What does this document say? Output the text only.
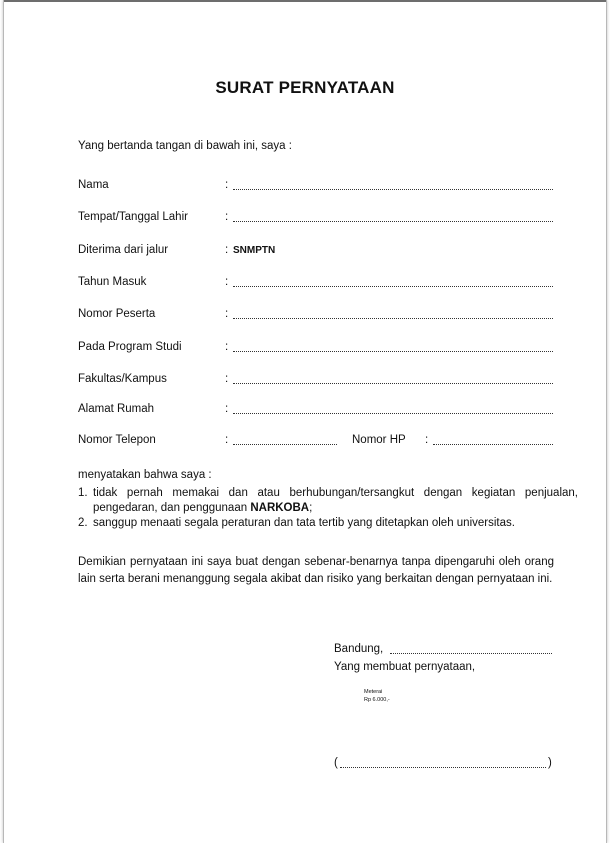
SURAT PERNYATAAN
Yang bertanda tangan di bawah ini, saya :
Nama	:
Tempat/Tanggal Lahir	:
Diterima dari jalur	: SNMPTN
Tahun Masuk	:
Nomor Peserta	:
Pada Program Studi	:
Fakultas/Kampus	:
Alamat Rumah	:
Nomor Telepon	:	Nomor HP :
menyatakan bahwa saya :
1. tidak pernah memakai dan atau berhubungan/tersangkut dengan kegiatan penjualan, pengedaran, dan penggunaan NARKOBA;
2. sanggup menaati segala peraturan dan tata tertib yang ditetapkan oleh universitas.
Demikian pernyataan ini saya buat dengan sebenar-benarnya tanpa dipengaruhi oleh orang lain serta berani menanggung segala akibat dan risiko yang berkaitan dengan pernyataan ini.
Bandung,
Yang membuat pernyataan,
Meterai
Rp 6.000,-
(	)
